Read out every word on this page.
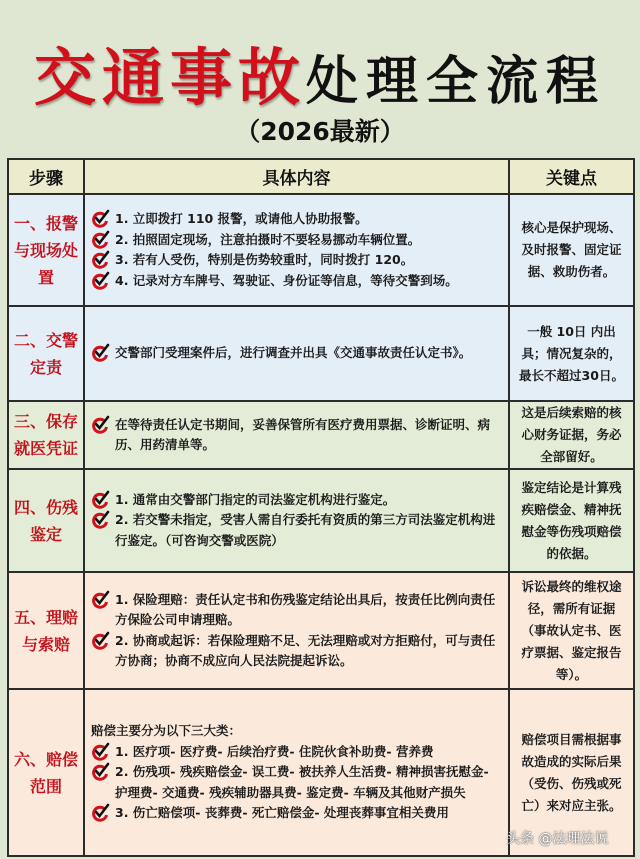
交通事故处理全流程
（2026最新）
步骤	具体内容	关键点
一、报警与现场处置	1. 立即拨打 110 报警，或请他人协助报警。
2. 拍照固定现场，注意拍摄时不要轻易挪动车辆位置。
3. 若有人受伤，特别是伤势较重时，同时拨打 120。
4. 记录对方车牌号、驾驶证、身份证等信息，等待交警到场。	核心是保护现场、及时报警、固定证据、救助伤者。
二、交警定责	交警部门受理案件后，进行调查并出具《交通事故责任认定书》。	一般 10日 内出具；情况复杂的，最长不超过30日。
三、保存就医凭证	在等待责任认定书期间，妥善保管所有医疗费用票据、诊断证明、病历、用药清单等。	这是后续索赔的核心财务证据，务必全部留好。
四、伤残鉴定	1. 通常由交警部门指定的司法鉴定机构进行鉴定。
2. 若交警未指定，受害人需自行委托有资质的第三方司法鉴定机构进行鉴定。（可咨询交警或医院）	鉴定结论是计算残疾赔偿金、精神抚慰金等伤残项赔偿的依据。
五、理赔与索赔	1. 保险理赔：责任认定书和伤残鉴定结论出具后，按责任比例向责任方保险公司申请理赔。
2. 协商或起诉：若保险理赔不足、无法理赔或对方拒赔付，可与责任方协商；协商不成应向人民法院提起诉讼。	诉讼最终的维权途径，需所有证据（事故认定书、医疗票据、鉴定报告等）。
六、赔偿范围	赔偿主要分为以下三大类：
1. 医疗项- 医疗费- 后续治疗费- 住院伙食补助费- 营养费
2. 伤残项- 残疾赔偿金- 误工费- 被扶养人生活费- 精神损害抚慰金- 护理费- 交通费- 残疾辅助器具费- 鉴定费- 车辆及其他财产损失
3. 伤亡赔偿项- 丧葬费- 死亡赔偿金- 处理丧葬事宜相关费用	赔偿项目需根据事故造成的实际后果（受伤、伤残或死亡）来对应主张。
头条 @法理法说
